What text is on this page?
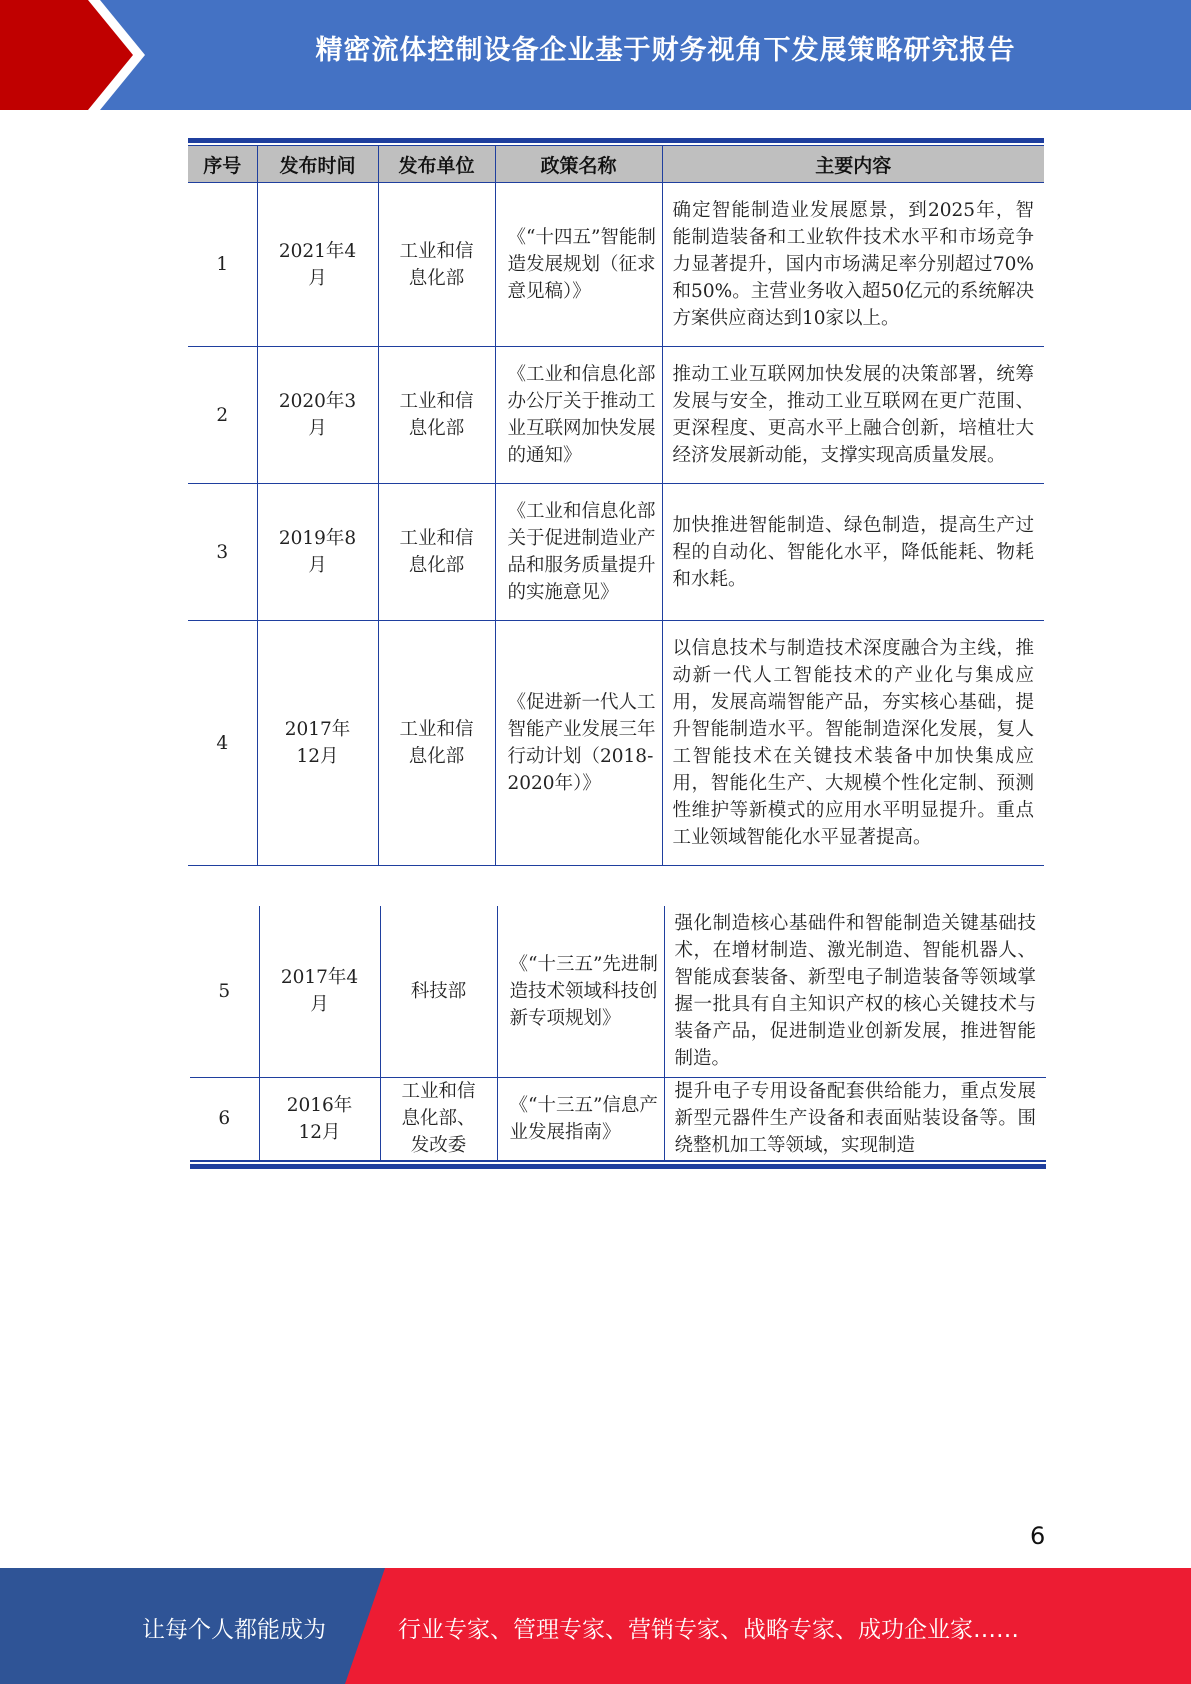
精密流体控制设备企业基于财务视角下发展策略研究报告
序号	发布时间	发布单位	政策名称	主要内容
1	2021年4月	工业和信息化部	《“十四五”智能制造发展规划（征求意见稿）》	确定智能制造业发展愿景，到2025年，智能制造装备和工业软件技术水平和市场竞争力显著提升，国内市场满足率分别超过70%和50%。主营业务收入超50亿元的系统解决方案供应商达到10家以上。
2	2020年3月	工业和信息化部	《工业和信息化部办公厅关于推动工业互联网加快发展的通知》	推动工业互联网加快发展的决策部署，统筹发展与安全，推动工业互联网在更广范围、更深程度、更高水平上融合创新，培植壮大经济发展新动能，支撑实现高质量发展。
3	2019年8月	工业和信息化部	《工业和信息化部关于促进制造业产品和服务质量提升的实施意见》	加快推进智能制造、绿色制造，提高生产过程的自动化、智能化水平，降低能耗、物耗和水耗。
4	2017年12月	工业和信息化部	《促进新一代人工智能产业发展三年行动计划（2018-2020年）》	以信息技术与制造技术深度融合为主线，推动新一代人工智能技术的产业化与集成应用，发展高端智能产品，夯实核心基础，提升智能制造水平。智能制造深化发展，复人工智能技术在关键技术装备中加快集成应用，智能化生产、大规模个性化定制、预测性维护等新模式的应用水平明显提升。重点工业领域智能化水平显著提高。
5	2017年4月	科技部	《“十三五”先进制造技术领域科技创新专项规划》	强化制造核心基础件和智能制造关键基础技术，在增材制造、激光制造、智能机器人、智能成套装备、新型电子制造装备等领域掌握一批具有自主知识产权的核心关键技术与装备产品，促进制造业创新发展，推进智能制造。
6	2016年12月	工业和信息化部、发改委	《“十三五”信息产业发展指南》	提升电子专用设备配套供给能力，重点发展新型元器件生产设备和表面贴装设备等。围绕整机加工等领域，实现制造
6
让每个人都能成为	行业专家、管理专家、营销专家、战略专家、成功企业家……
